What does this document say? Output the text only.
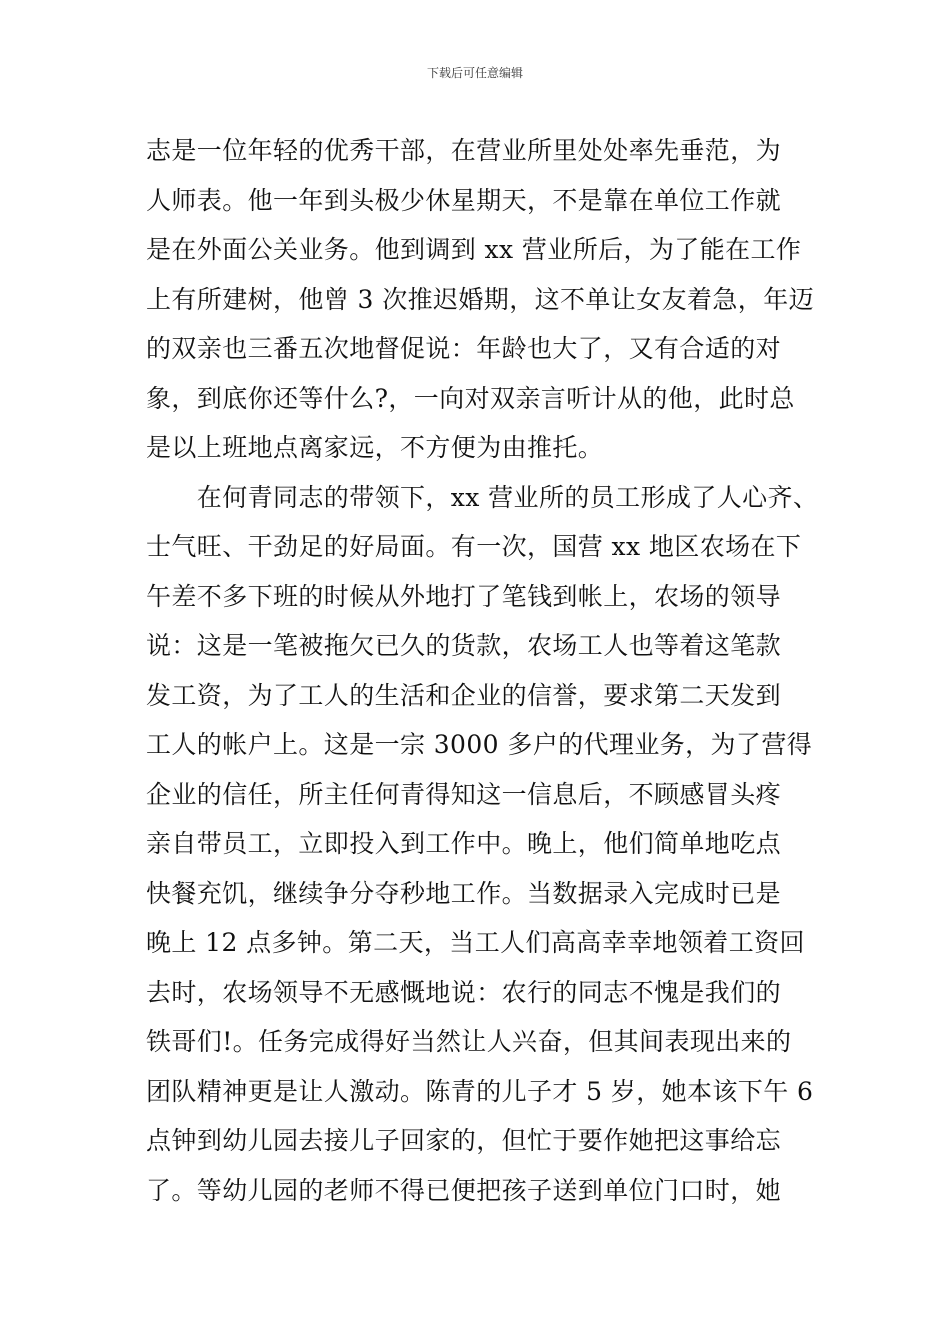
下载后可任意编辑
志是一位年轻的优秀干部，在营业所里处处率先垂范，为
人师表。他一年到头极少休星期天，不是靠在单位工作就
是在外面公关业务。他到调到 xx 营业所后，为了能在工作
上有所建树，他曾 3 次推迟婚期，这不单让女友着急，年迈
的双亲也三番五次地督促说：年龄也大了，又有合适的对
象，到底你还等什么?，一向对双亲言听计从的他，此时总
是以上班地点离家远，不方便为由推托。
　　在何青同志的带领下，xx 营业所的员工形成了人心齐、
士气旺、干劲足的好局面。有一次，国营 xx 地区农场在下
午差不多下班的时候从外地打了笔钱到帐上，农场的领导
说：这是一笔被拖欠已久的货款，农场工人也等着这笔款
发工资，为了工人的生活和企业的信誉，要求第二天发到
工人的帐户上。这是一宗 3000 多户的代理业务，为了营得
企业的信任，所主任何青得知这一信息后，不顾感冒头疼
亲自带员工，立即投入到工作中。晚上，他们简单地吃点
快餐充饥，继续争分夺秒地工作。当数据录入完成时已是
晚上 12 点多钟。第二天，当工人们高高幸幸地领着工资回
去时，农场领导不无感慨地说：农行的同志不愧是我们的
铁哥们!。任务完成得好当然让人兴奋，但其间表现出来的
团队精神更是让人激动。陈青的儿子才 5 岁，她本该下午 6
点钟到幼儿园去接儿子回家的，但忙于要作她把这事给忘
了。等幼儿园的老师不得已便把孩子送到单位门口时，她
